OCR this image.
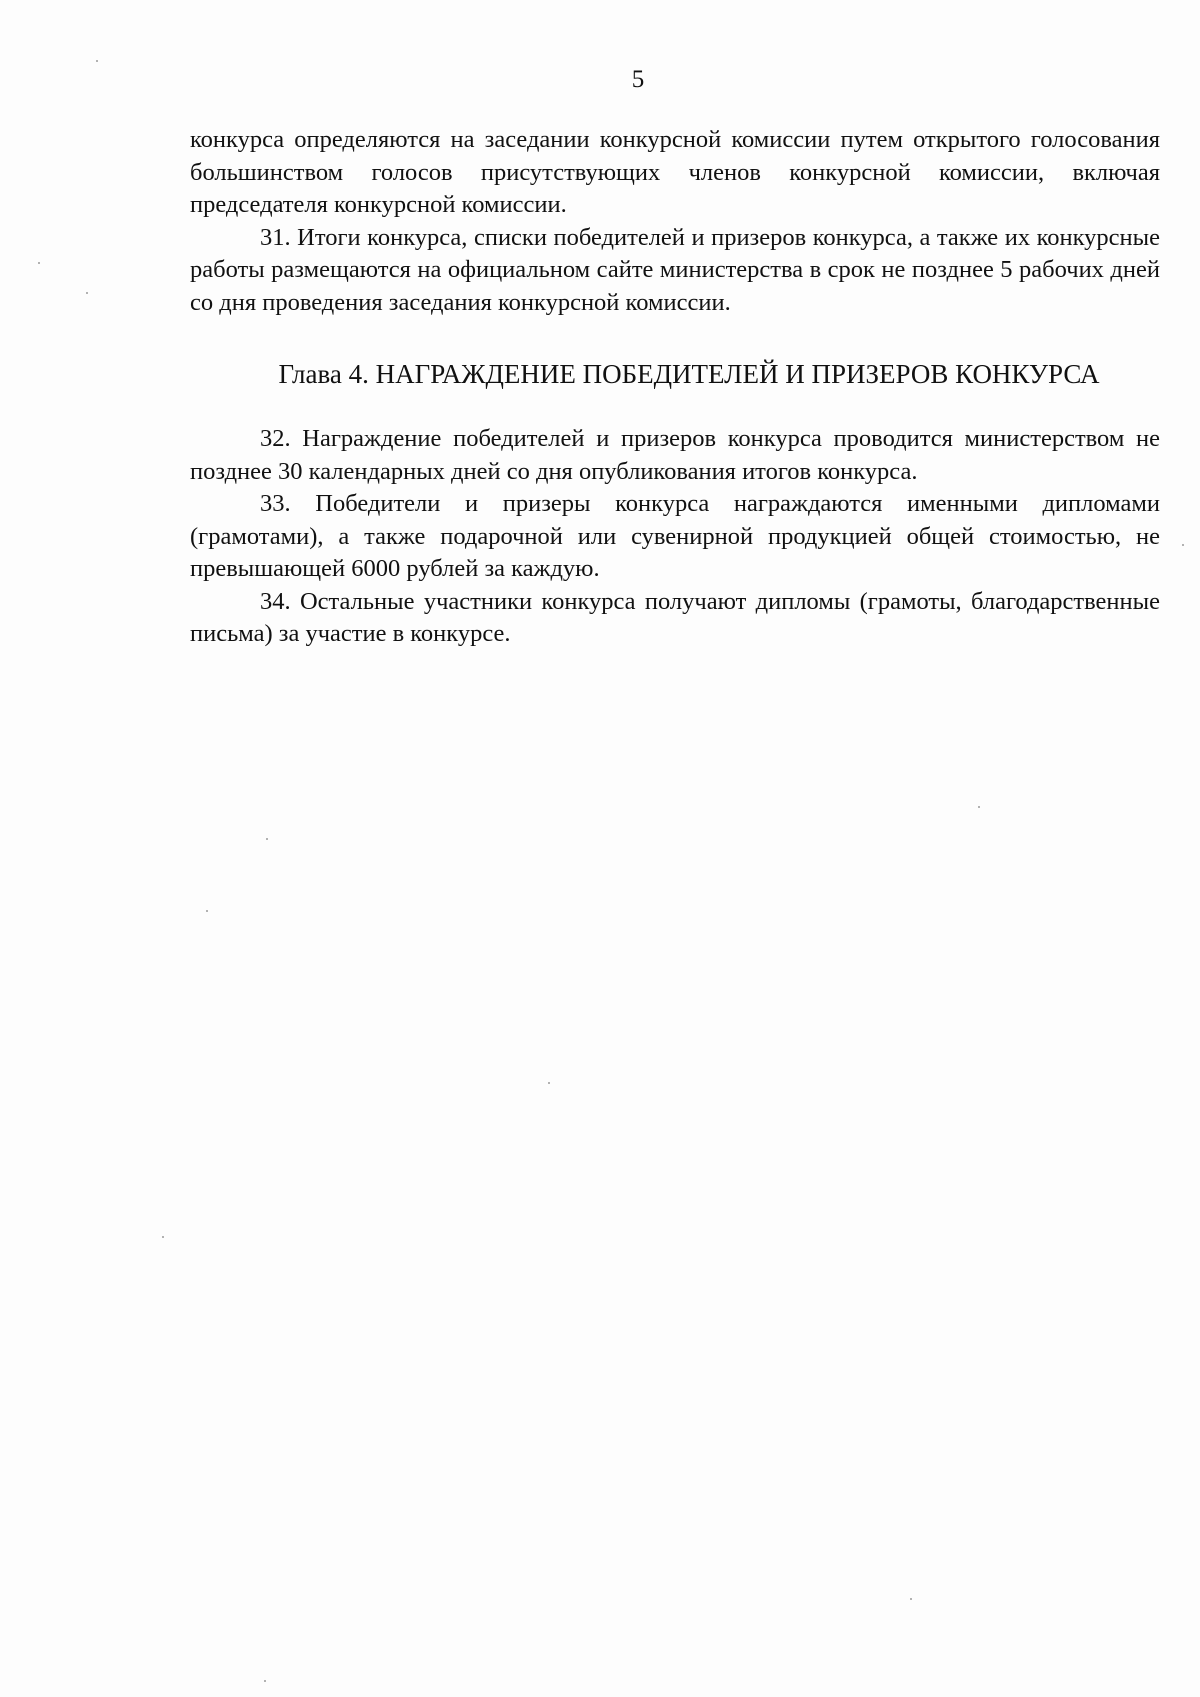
5

конкурса определяются на заседании конкурсной комиссии путем открытого голосования большинством голосов присутствующих членов конкурсной комиссии, включая председателя конкурсной комиссии.

31. Итоги конкурса, списки победителей и призеров конкурса, а также их конкурсные работы размещаются на официальном сайте министерства в срок не позднее 5 рабочих дней со дня проведения заседания конкурсной комиссии.

Глава 4. НАГРАЖДЕНИЕ ПОБЕДИТЕЛЕЙ И ПРИЗЕРОВ КОНКУРСА

32. Награждение победителей и призеров конкурса проводится министерством не позднее 30 календарных дней со дня опубликования итогов конкурса.

33. Победители и призеры конкурса награждаются именными дипломами (грамотами), а также подарочной или сувенирной продукцией общей стоимостью, не превышающей 6000 рублей за каждую.

34. Остальные участники конкурса получают дипломы (грамоты, благодарственные письма) за участие в конкурсе.
